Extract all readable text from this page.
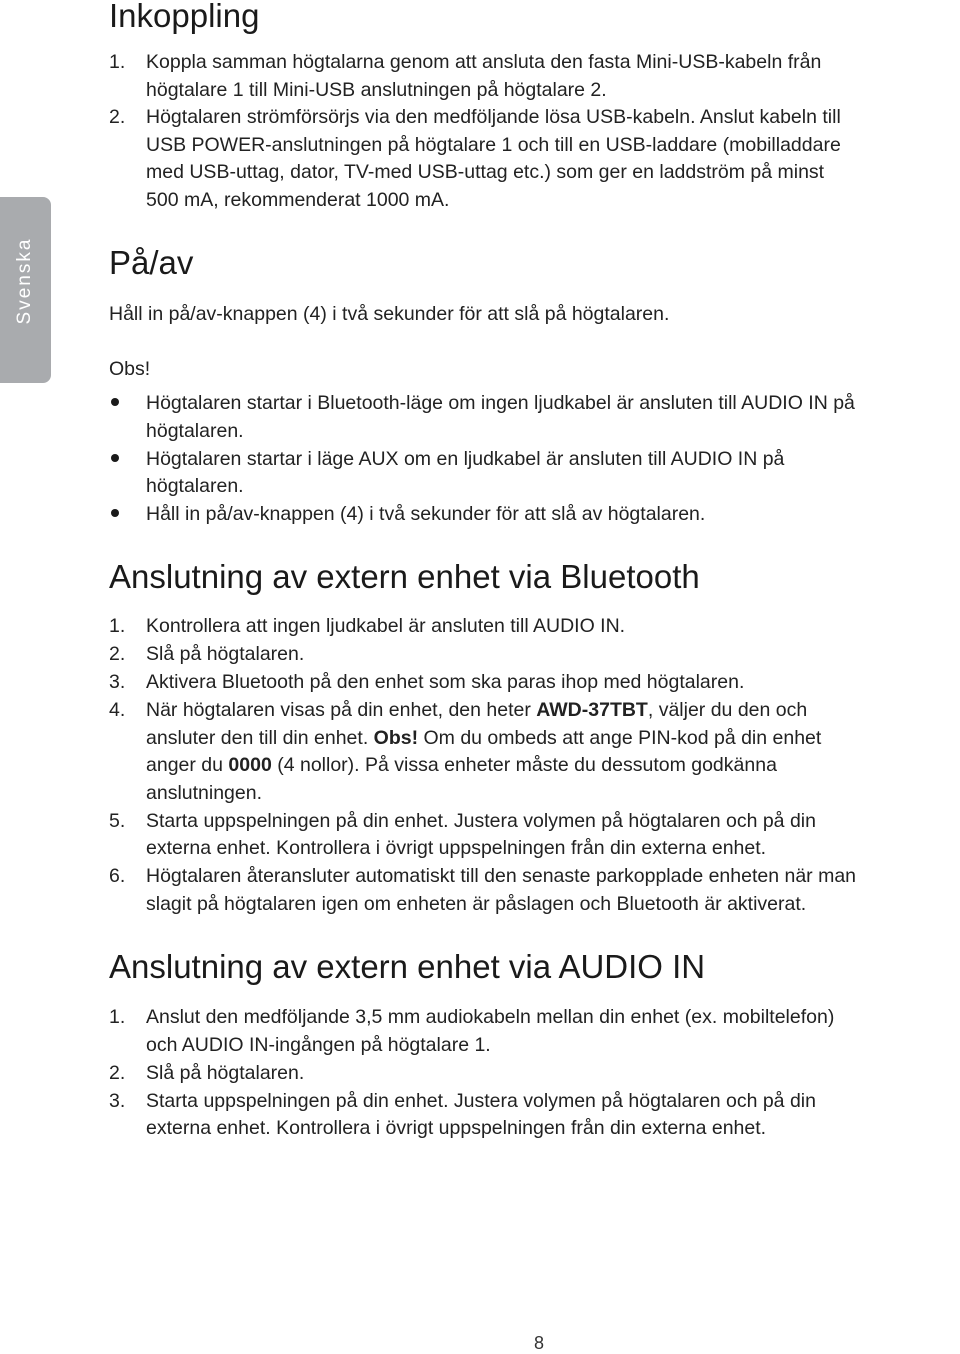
Svenska
Inkoppling
1. Koppla samman högtalarna genom att ansluta den fasta Mini-USB-kabeln från
högtalare 1 till Mini-USB anslutningen på högtalare 2.
2. Högtalaren strömförsörjs via den medföljande lösa USB-kabeln. Anslut kabeln till
USB POWER-anslutningen på högtalare 1 och till en USB-laddare (mobilladdare
med USB-uttag, dator, TV-med USB-uttag etc.) som ger en laddström på minst
500 mA, rekommenderat 1000 mA.
På/av
Håll in på/av-knappen (4) i två sekunder för att slå på högtalaren.
Obs!
Högtalaren startar i Bluetooth-läge om ingen ljudkabel är ansluten till AUDIO IN på
högtalaren.
Högtalaren startar i läge AUX om en ljudkabel är ansluten till AUDIO IN på
högtalaren.
Håll in på/av-knappen (4) i två sekunder för att slå av högtalaren.
Anslutning av extern enhet via Bluetooth
1. Kontrollera att ingen ljudkabel är ansluten till AUDIO IN.
2. Slå på högtalaren.
3. Aktivera Bluetooth på den enhet som ska paras ihop med högtalaren.
4. När högtalaren visas på din enhet, den heter AWD-37TBT, väljer du den och
ansluter den till din enhet. Obs! Om du ombeds att ange PIN-kod på din enhet
anger du 0000 (4 nollor). På vissa enheter måste du dessutom godkänna
anslutningen.
5. Starta uppspelningen på din enhet. Justera volymen på högtalaren och på din
externa enhet. Kontrollera i övrigt uppspelningen från din externa enhet.
6. Högtalaren återansluter automatiskt till den senaste parkopplade enheten när man
slagit på högtalaren igen om enheten är påslagen och Bluetooth är aktiverat.
Anslutning av extern enhet via AUDIO IN
1. Anslut den medföljande 3,5 mm audiokabeln mellan din enhet (ex. mobiltelefon)
och AUDIO IN-ingången på högtalare 1.
2. Slå på högtalaren.
3. Starta uppspelningen på din enhet. Justera volymen på högtalaren och på din
externa enhet. Kontrollera i övrigt uppspelningen från din externa enhet.
8
